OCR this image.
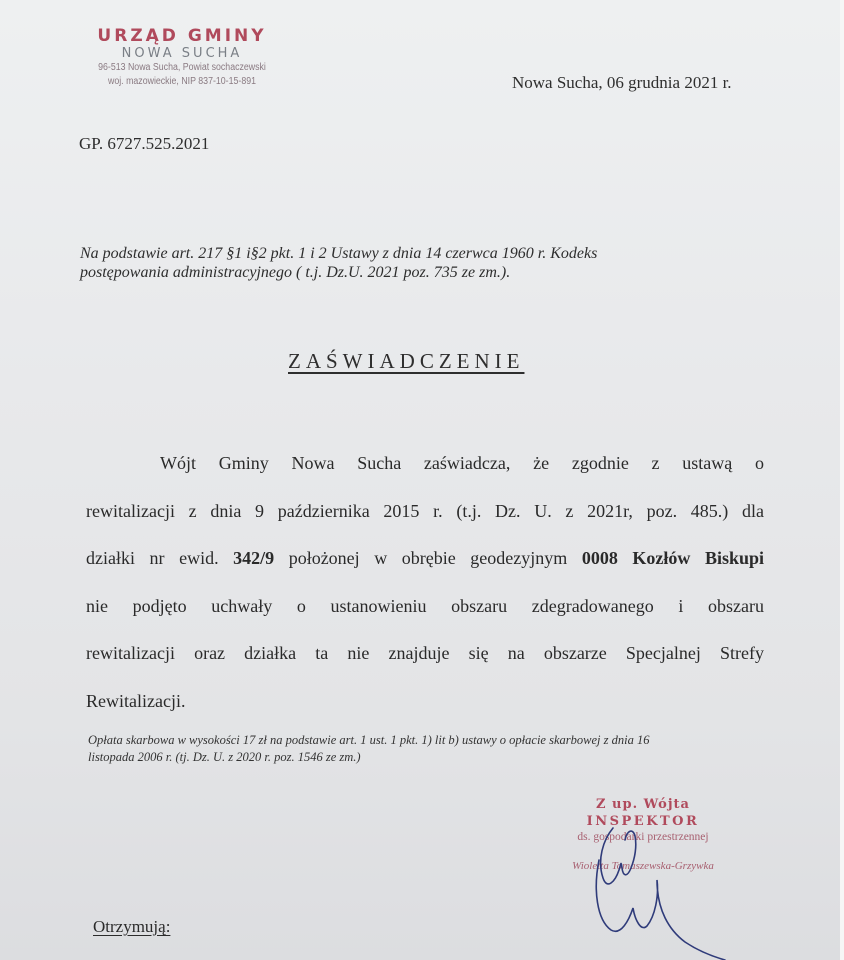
URZĄD GMINY
NOWA SUCHA
96-513 Nowa Sucha, Powiat sochaczewski
woj. mazowieckie, NIP 837-10-15-891	Nowa Sucha, 06 grudnia 2021 r.
GP. 6727.525.2021
Na podstawie art. 217 §1 i§2 pkt. 1 i 2 Ustawy z dnia 14 czerwca 1960 r. Kodeks
postępowania administracyjnego ( t.j. Dz.U. 2021 poz. 735 ze zm.).
ZAŚWIADCZENIE
Wójt Gminy Nowa Sucha zaświadcza, że zgodnie z ustawą o
rewitalizacji z dnia 9 października 2015 r. (t.j. Dz. U. z 2021r, poz. 485.) dla
działki nr ewid. 342/9 położonej w obrębie geodezyjnym 0008 Kozłów Biskupi
nie podjęto uchwały o ustanowieniu obszaru zdegradowanego i obszaru
rewitalizacji oraz działka ta nie znajduje się na obszarze Specjalnej Strefy
Rewitalizacji.
Opłata skarbowa w wysokości 17 zł na podstawie art. 1 ust. 1 pkt. 1) lit b) ustawy o opłacie skarbowej z dnia 16
listopada 2006 r. (tj. Dz. U. z 2020 r. poz. 1546 ze zm.)
Z up. Wójta
INSPEKTOR
ds. gospodarki przestrzennej
Wioletta Tomaszewska-Grzywka
Otrzymują:
